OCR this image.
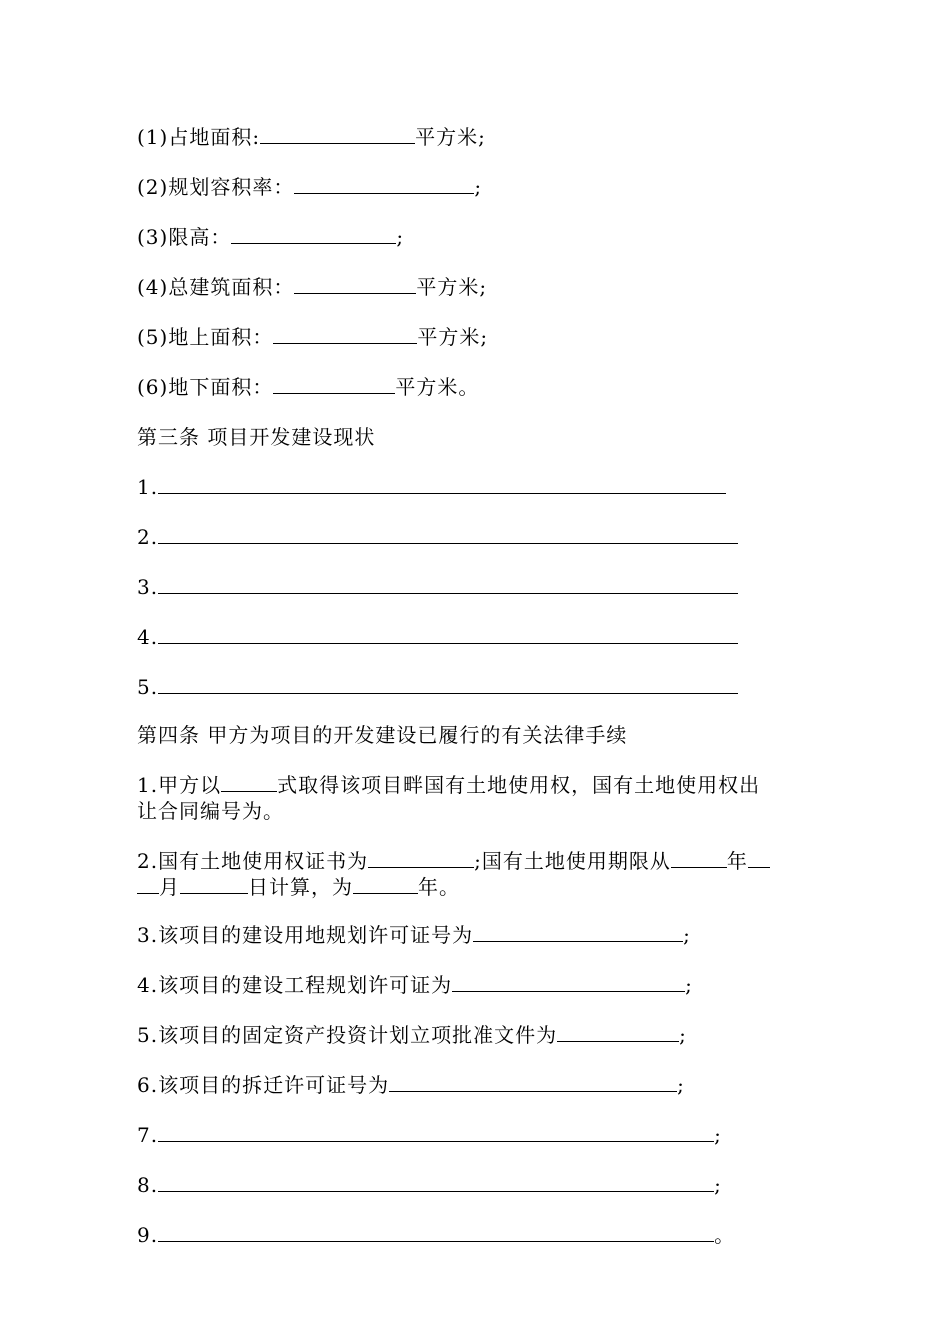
(1)占地面积:	平方米;
(2)规划容积率：	;
(3)限高：	;
(4)总建筑面积：	平方米;
(5)地上面积：	平方米;
(6)地下面积：	平方米。
第三条 项目开发建设现状
1.
2.
3.
4.
5.
第四条 甲方为项目的开发建设已履行的有关法律手续
1.甲方以	式取得该项目畔国有土地使用权，国有土地使用权出
让合同编号为。
2.国有土地使用权证书为	;国有土地使用期限从	年
月	日计算，为	年。
3.该项目的建设用地规划许可证号为	;
4.该项目的建设工程规划许可证为	;
5.该项目的固定资产投资计划立项批准文件为	;
6.该项目的拆迁许可证号为	;
7.	;
8.	;
9.	。
